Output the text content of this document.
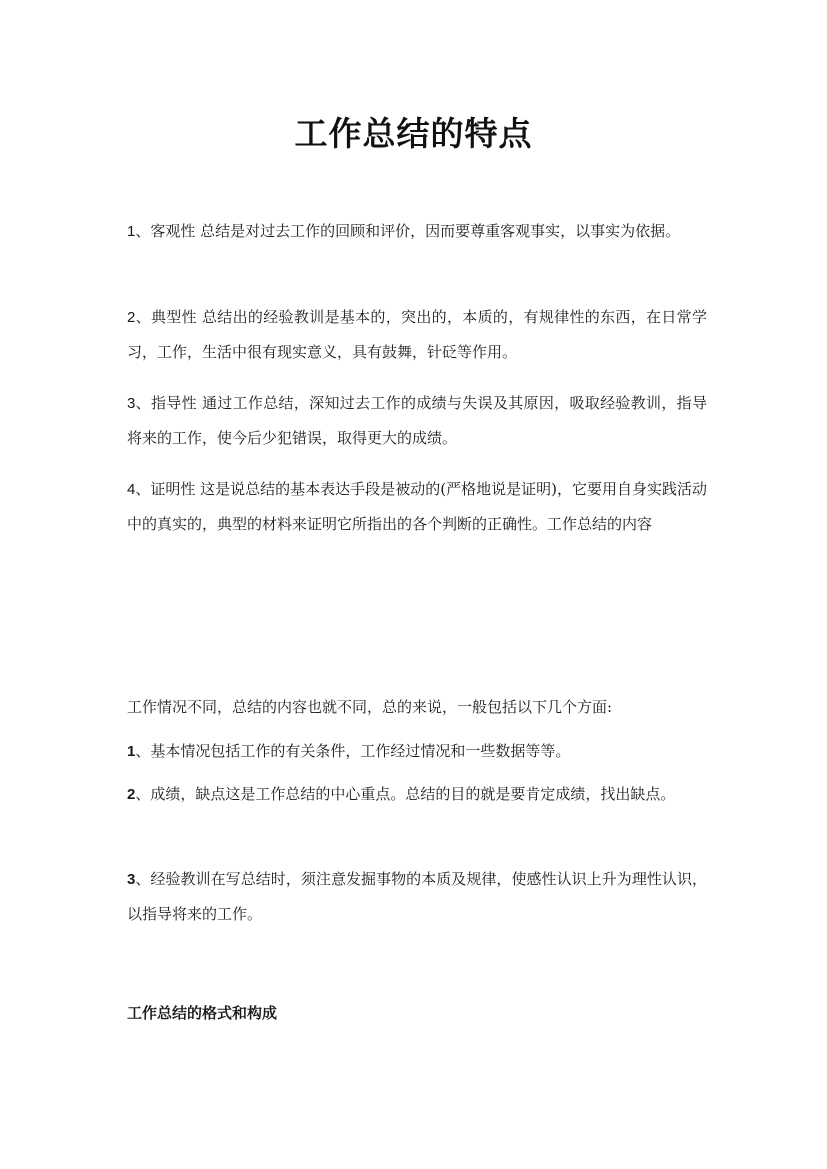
工作总结的特点
1、客观性 总结是对过去工作的回顾和评价，因而要尊重客观事实，以事实为依据。
2、典型性 总结出的经验教训是基本的，突出的，本质的，有规律性的东西，在日常学习，工作，生活中很有现实意义，具有鼓舞，针砭等作用。
3、指导性 通过工作总结，深知过去工作的成绩与失误及其原因，吸取经验教训，指导将来的工作，使今后少犯错误，取得更大的成绩。
4、证明性 这是说总结的基本表达手段是被动的(严格地说是证明)，它要用自身实践活动中的真实的，典型的材料来证明它所指出的各个判断的正确性。工作总结的内容
工作情况不同，总结的内容也就不同，总的来说，一般包括以下几个方面:
1、基本情况包括工作的有关条件，工作经过情况和一些数据等等。
2、成绩，缺点这是工作总结的中心重点。总结的目的就是要肯定成绩，找出缺点。
3、经验教训在写总结时，须注意发掘事物的本质及规律，使感性认识上升为理性认识，以指导将来的工作。
工作总结的格式和构成
